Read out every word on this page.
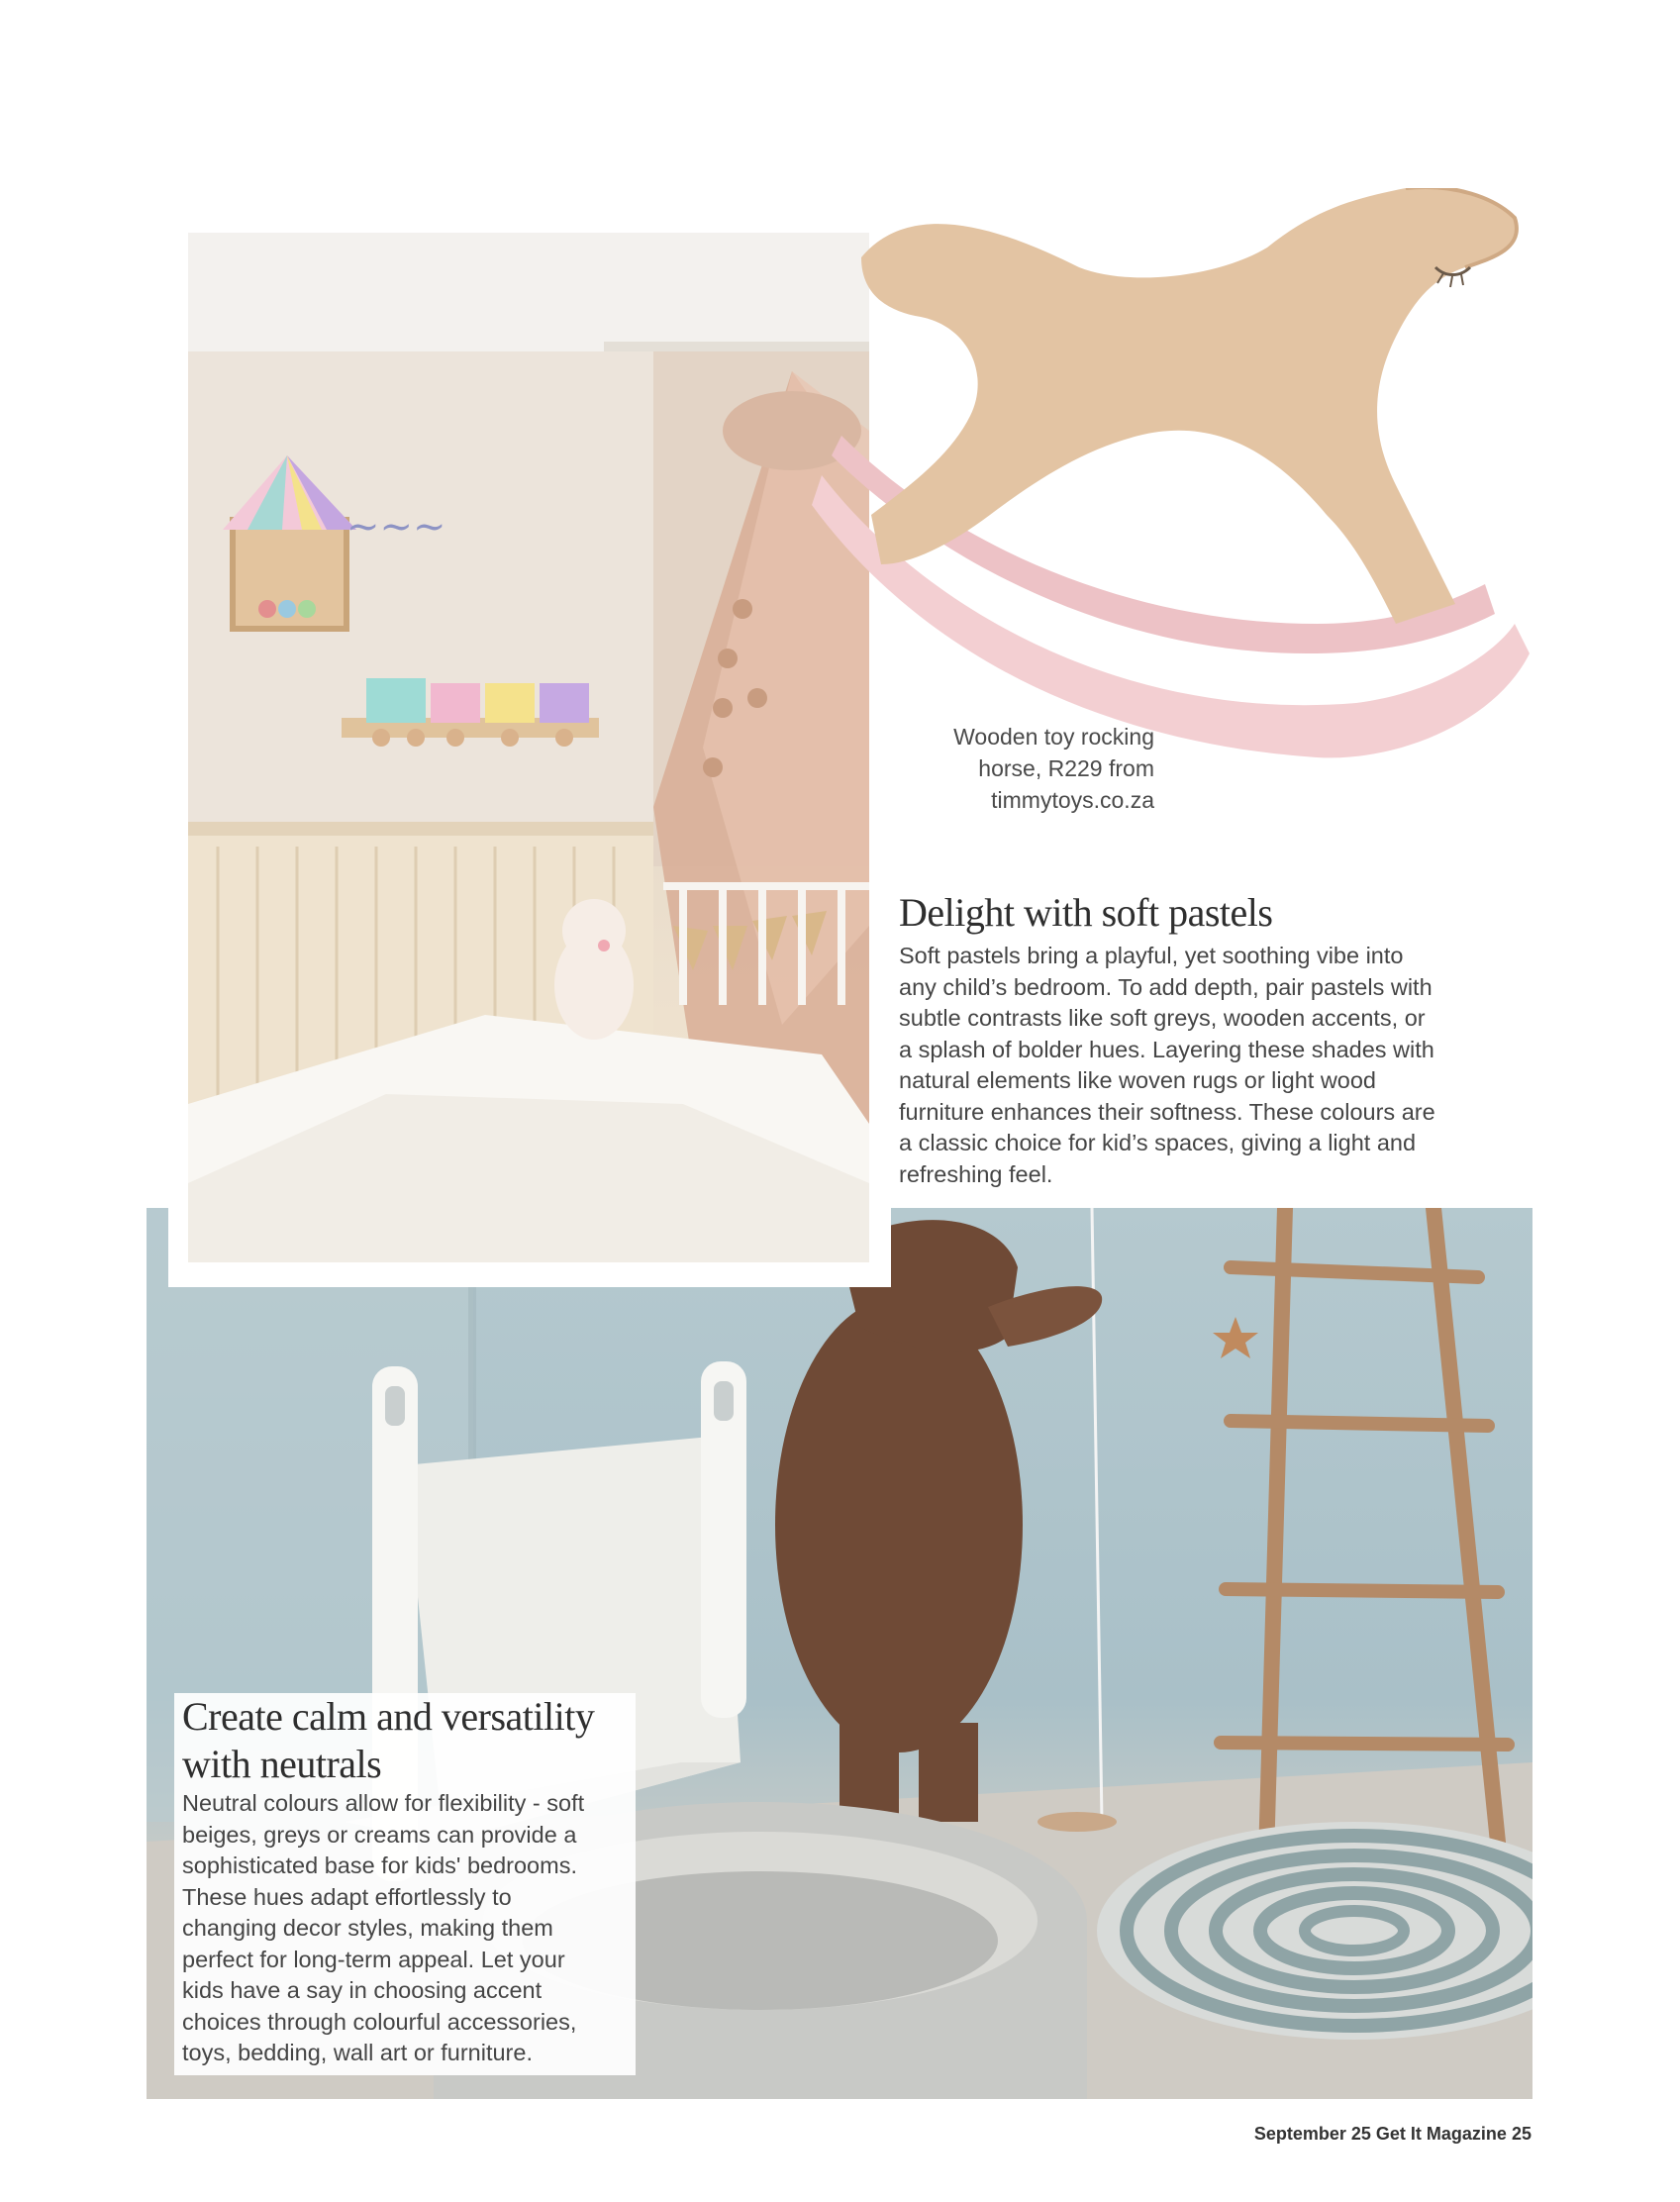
~~~
Wooden toy rocking
horse, R229 from
timmytoys.co.za
Delight with soft pastels
Soft pastels bring a playful, yet soothing vibe into
any child’s bedroom. To add depth, pair pastels with
subtle contrasts like soft greys, wooden accents, or
a splash of bolder hues. Layering these shades with
natural elements like woven rugs or light wood
furniture enhances their softness. These colours are
a classic choice for kid’s spaces, giving a light and
refreshing feel.
Create calm and versatility
with neutrals
Neutral colours allow for flexibility - soft
beiges, greys or creams can provide a
sophisticated base for kids' bedrooms.
These hues adapt effortlessly to
changing decor styles, making them
perfect for long-term appeal. Let your
kids have a say in choosing accent
choices through colourful accessories,
toys, bedding, wall art or furniture.
September 25 Get It Magazine 25
